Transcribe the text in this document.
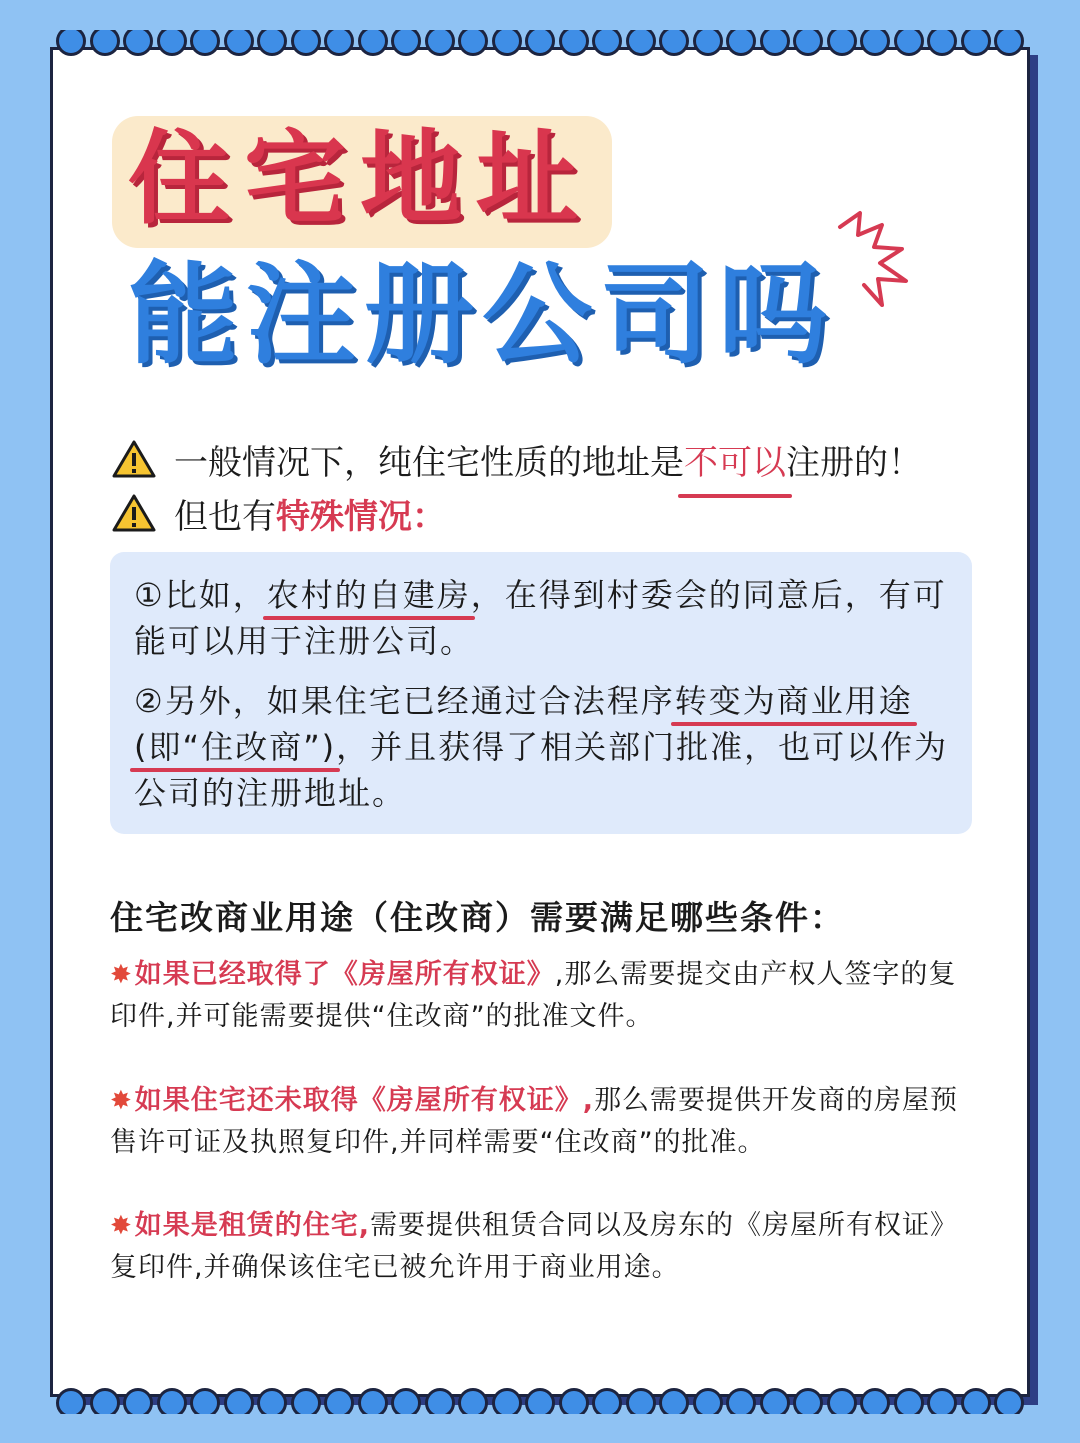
住宅地址
能注册公司吗
一般情况下，纯住宅性质的地址是 不可以 注册的！
但也有 特殊情况：
①比如，农村的自建房，在得到村委会的同意后，有可能可以用于注册公司。
②另外，如果住宅已经通过合法程序转变为商业用途(即“住改商”)，并且获得了相关部门批准，也可以作为公司的注册地址。
住宅改商业用途（住改商）需要满足哪些条件：
✸如果已经取得了《房屋所有权证》,那么需要提交由产权人签字的复印件,并可能需要提供“住改商”的批准文件。
✸如果住宅还未取得《房屋所有权证》,那么需要提供开发商的房屋预售许可证及执照复印件,并同样需要“住改商”的批准。
✸如果是租赁的住宅,需要提供租赁合同以及房东的《房屋所有权证》复印件,并确保该住宅已被允许用于商业用途。
